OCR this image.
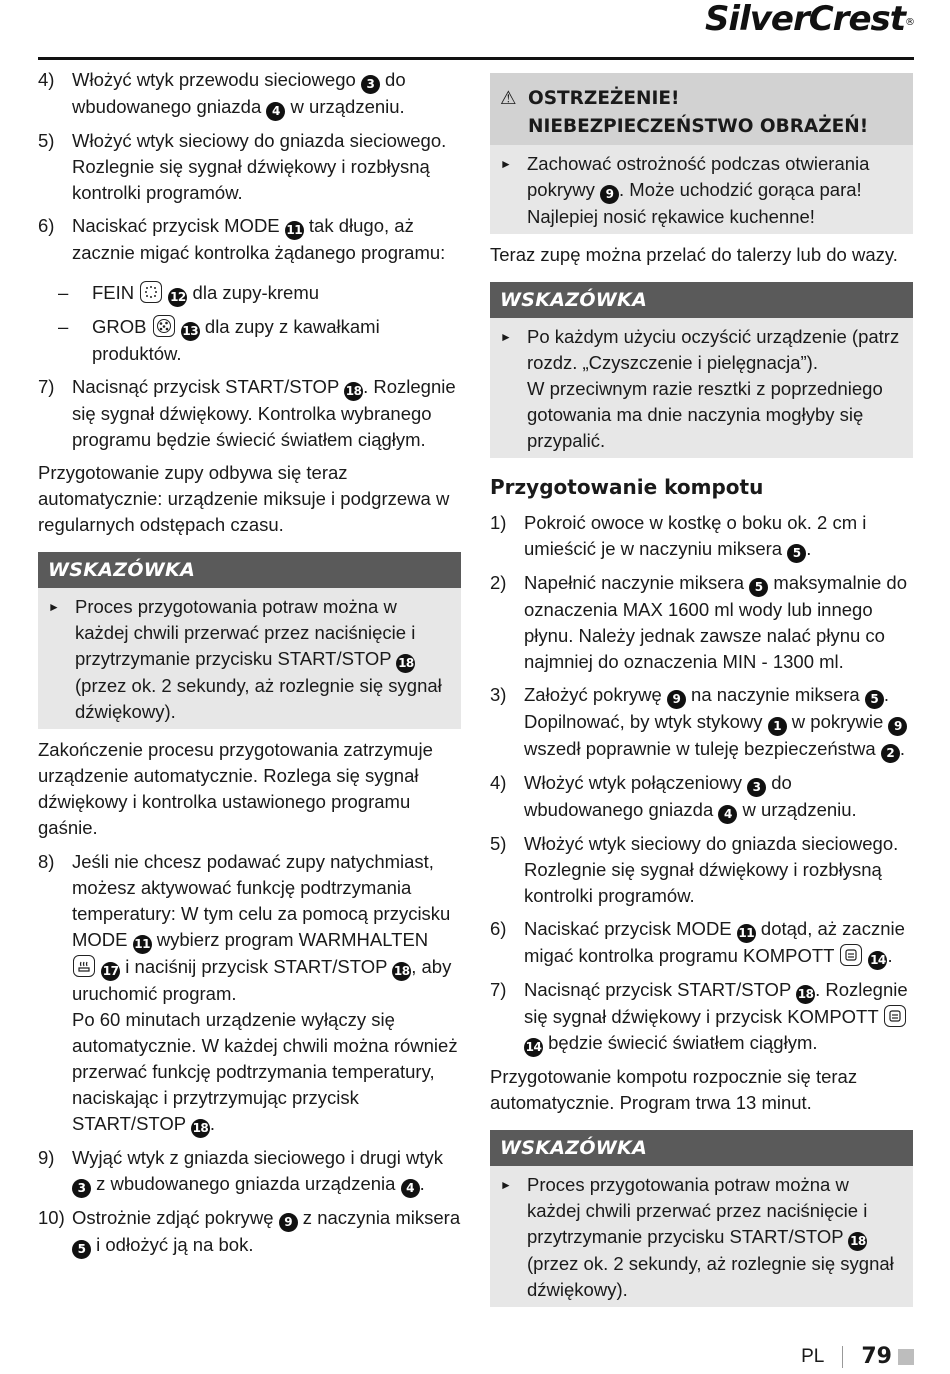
SilverCrest®
4) Włożyć wtyk przewodu sieciowego 3 do wbudowanego gniazda 4 w urządzeniu.
5) Włożyć wtyk sieciowy do gniazda sieciowego. Rozlegnie się sygnał dźwiękowy i rozbłysną kontrolki programów.
6) Naciskać przycisk MODE 11 tak długo, aż zacznie migać kontrolka żądanego programu:
–	FEIN	12 dla zupy-kremu
–	GROB	13 dla zupy z kawałkami produktów.
7) Nacisnąć przycisk START/STOP 18. Rozlegnie się sygnał dźwiękowy. Kontrolka wybranego programu będzie świecić światłem ciągłym.
Przygotowanie zupy odbywa się teraz automatycznie: urządzenie miksuje i podgrzewa w regularnych odstępach czasu.
WSKAZÓWKA
► Proces przygotowania potraw można w każdej chwili przerwać przez naciśnięcie i przytrzymanie przycisku START/STOP 18 (przez ok. 2 sekundy, aż rozlegnie się sygnał dźwiękowy).
Zakończenie procesu przygotowania zatrzymuje urządzenie automatycznie. Rozlega się sygnał dźwiękowy i kontrolka ustawionego programu gaśnie.
8) Jeśli nie chcesz podawać zupy natychmiast, możesz aktywować funkcję podtrzymania temperatury: W tym celu za pomocą przycisku MODE 11 wybierz program WARMHALTEN

17 i naciśnij przycisk START/STOP 18, aby uruchomić program.
Po 60 minutach urządzenie wyłączy się automatycznie. W każdej chwili można również przerwać funkcję podtrzymania temperatury, naciskając i przytrzymując przycisk START/STOP 18.
9) Wyjąć wtyk z gniazda sieciowego i drugi wtyk 3 z wbudowanego gniazda urządzenia 4 .
10) Ostrożnie zdjąć pokrywę 9 z naczynia miksera 5 i odłożyć ją na bok.
⚠ OSTRZEŻENIE! NIEBEZPIECZEŃSTWO OBRAŻEŃ!
► Zachować ostrożność podczas otwierania pokrywy 9 . Może uchodzić gorąca para! Najlepiej nosić rękawice kuchenne!
Teraz zupę można przelać do talerzy lub do wazy.
WSKAZÓWKA
► Po każdym użyciu oczyścić urządzenie (patrz rozdz. „Czyszczenie i pielęgnacja”).
W przeciwnym razie resztki z poprzedniego gotowania ma dnie naczynia mogłyby się przypalić.
Przygotowanie kompotu
1) Pokroić owoce w kostkę o boku ok. 2 cm i umieścić je w naczyniu miksera 5 .
2) Napełnić naczynie miksera 5 maksymalnie do oznaczenia MAX 1600 ml wody lub innego płynu. Należy jednak zawsze nalać płynu co najmniej do oznaczenia MIN - 1300 ml.
3) Założyć pokrywę 9 na naczynie miksera 5 . Dopilnować, by wtyk stykowy 1 w pokrywie 9 wszedł poprawnie w tuleję bezpieczeństwa 2 .
4) Włożyć wtyk połączeniowy 3 do wbudowanego gniazda 4 w urządzeniu.
5) Włożyć wtyk sieciowy do gniazda sieciowego. Rozlegnie się sygnał dźwiękowy i rozbłysną kontrolki programów.
6) Naciskać przycisk MODE 11 dotąd, aż zacznie migać kontrolka programu KOMPOTT	14.
7) Nacisnąć przycisk START/STOP 18. Rozlegnie się sygnał dźwiękowy i przycisk KOMPOTT

14 będzie świecić światłem ciągłym.
Przygotowanie kompotu rozpocznie się teraz automatycznie. Program trwa 13 minut.
WSKAZÓWKA
► Proces przygotowania potraw można w każdej chwili przerwać przez naciśnięcie i przytrzymanie przycisku START/STOP 18 (przez ok. 2 sekundy, aż rozlegnie się sygnał dźwiękowy).
PL 79
